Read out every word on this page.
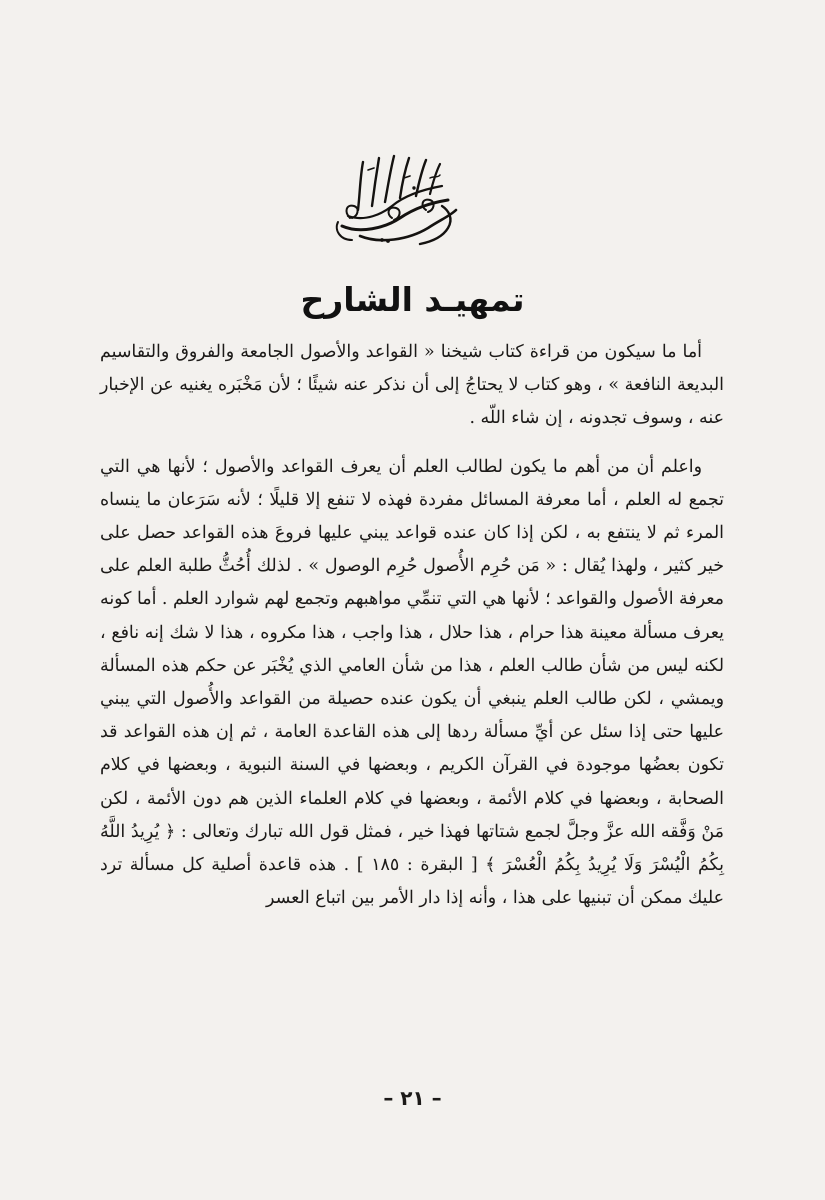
تمهيـد الشارح

أما ما سيكون من قراءة كتاب شيخنا « القواعد والأصول الجامعة والفروق والتقاسيم البديعة النافعة » ، وهو كتاب لا يحتاجُ إلى أن نذكر عنه شيئًا ؛ لأن مَخْبَره يغنيه عن الإخبار عنه ، وسوف تجدونه ، إن شاء اللّه .

واعلم أن من أهم ما يكون لطالب العلم أن يعرف القواعد والأصول ؛ لأنها هي التي تجمع له العلم ، أما معرفة المسائل مفردة فهذه لا تنفع إلا قليلًا ؛ لأنه سَرَعان ما ينساه المرء ثم لا ينتفع به ، لكن إذا كان عنده قواعد يبني عليها فروعَ هذه القواعد حصل على خير كثير ، ولهذا يُقال : « مَن حُرِم الأُصول حُرِم الوصول » . لذلك أُحُثُّ طلبة العلم على معرفة الأصول والقواعد ؛ لأنها هي التي تنمِّي مواهبهم وتجمع لهم شوارد العلم . أما كونه يعرف مسألة معينة هذا حرام ، هذا حلال ، هذا واجب ، هذا مكروه ، هذا لا شك إنه نافع ، لكنه ليس من شأن طالب العلم ، هذا من شأن العامي الذي يُخْبَر عن حكم هذه المسألة ويمشي ، لكن طالب العلم ينبغي أن يكون عنده حصيلة من القواعد والأُصول التي يبني عليها حتى إذا سئل عن أيِّ مسألة ردها إلى هذه القاعدة العامة ، ثم إن هذه القواعد قد تكون بعضُها موجودة في القرآن الكريم ، وبعضها في السنة النبوية ، وبعضها في كلام الصحابة ، وبعضها في كلام الأئمة ، وبعضها في كلام العلماء الذين هم دون الأئمة ، لكن مَنْ وَفَّقه الله عزَّ وجلَّ لجمع شتاتها فهذا خير ، فمثل قول الله تبارك وتعالى : ﴿ يُرِيدُ اللَّهُ بِكُمُ الْيُسْرَ وَلَا يُرِيدُ بِكُمُ الْعُسْرَ ﴾ [ البقرة : ١٨٥ ] . هذه قاعدة أصلية كل مسألة ترد عليك ممكن أن تبنيها على هذا ، وأنه إذا دار الأمر بين اتباع العسر

– ٢١ –
